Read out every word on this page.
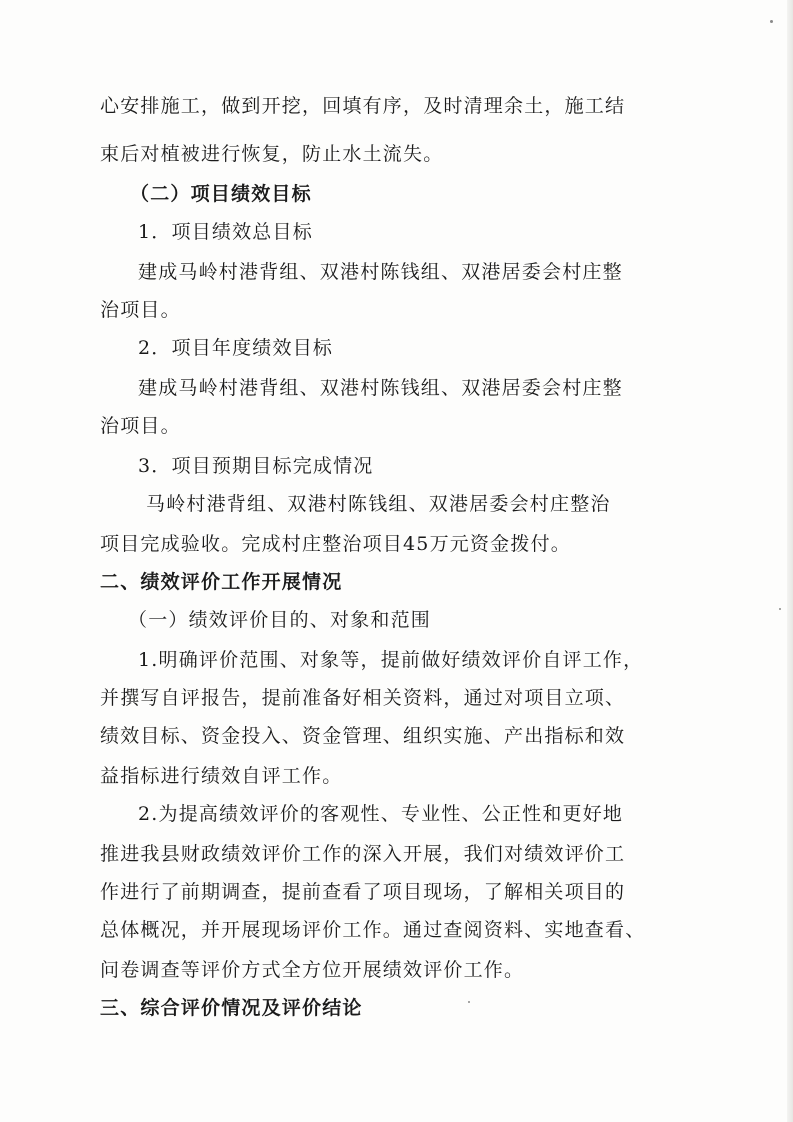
心安排施工，做到开挖，回填有序，及时清理余土，施工结
束后对植被进行恢复，防止水土流失。
（二）项目绩效目标
1．项目绩效总目标
建成马岭村港背组、双港村陈钱组、双港居委会村庄整
治项目。
2．项目年度绩效目标
建成马岭村港背组、双港村陈钱组、双港居委会村庄整
治项目。
3．项目预期目标完成情况
马岭村港背组、双港村陈钱组、双港居委会村庄整治
项目完成验收。完成村庄整治项目45万元资金拨付。
二、绩效评价工作开展情况
（一）绩效评价目的、对象和范围
1.明确评价范围、对象等，提前做好绩效评价自评工作，
并撰写自评报告，提前准备好相关资料，通过对项目立项、
绩效目标、资金投入、资金管理、组织实施、产出指标和效
益指标进行绩效自评工作。
2.为提高绩效评价的客观性、专业性、公正性和更好地
推进我县财政绩效评价工作的深入开展，我们对绩效评价工
作进行了前期调查，提前查看了项目现场，了解相关项目的
总体概况，并开展现场评价工作。通过查阅资料、实地查看、
问卷调查等评价方式全方位开展绩效评价工作。
三、综合评价情况及评价结论
